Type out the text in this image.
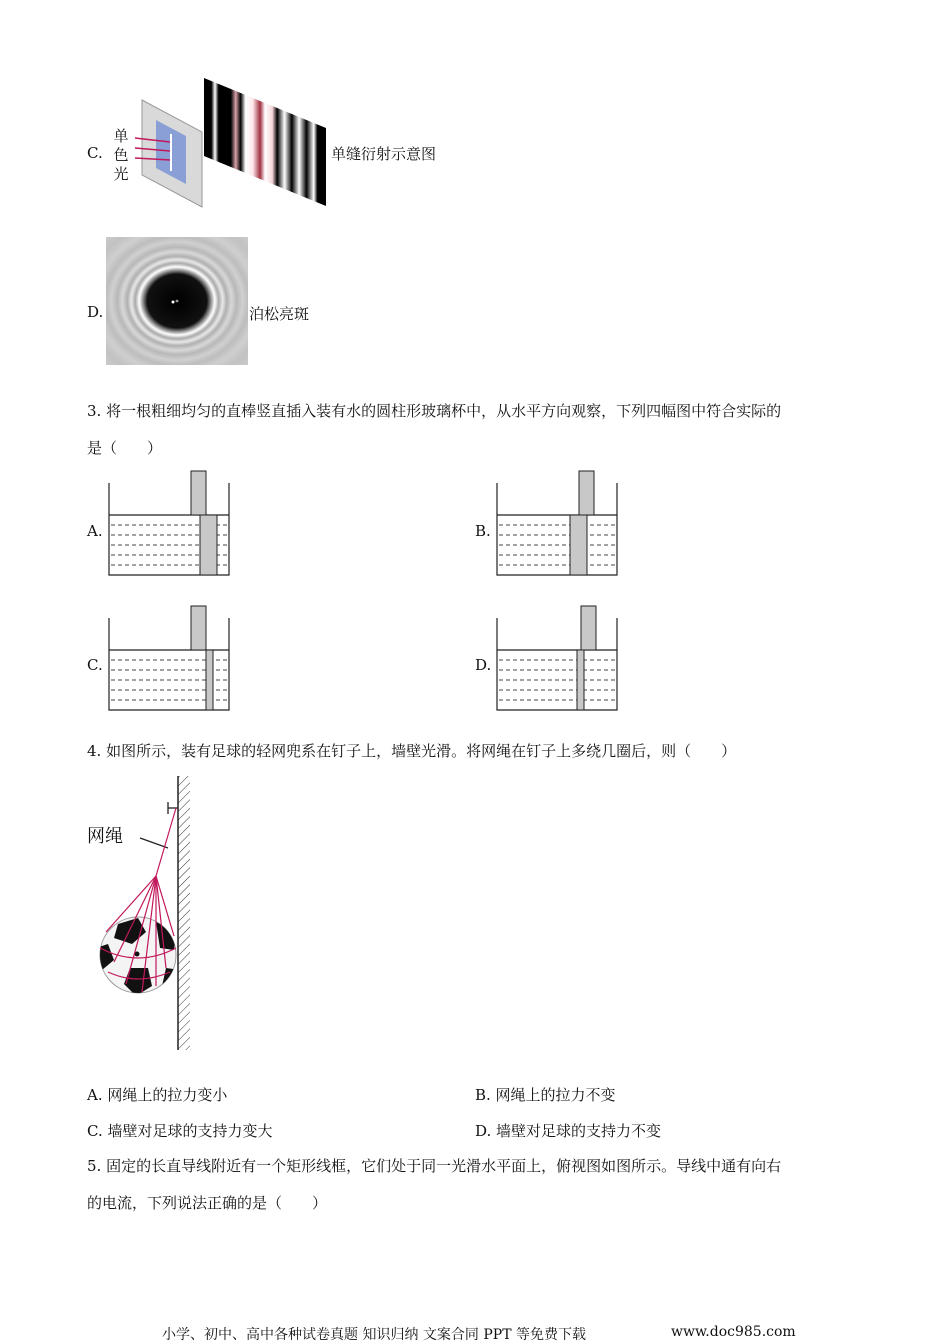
C.
单
色
光
单缝衍射示意图
D.	泊松亮斑
3. 将一根粗细均匀的直棒竖直插入装有水的圆柱形玻璃杯中，从水平方向观察，下列四幅图中符合实际的
是（　　）
A.	B.
C.	D.
4. 如图所示，装有足球的轻网兜系在钉子上，墙壁光滑。将网绳在钉子上多绕几圈后，则（　　）
网绳
A. 网绳上的拉力变小	B. 网绳上的拉力不变
C. 墙壁对足球的支持力变大	D. 墙壁对足球的支持力不变
5. 固定的长直导线附近有一个矩形线框，它们处于同一光滑水平面上，俯视图如图所示。导线中通有向右
的电流，下列说法正确的是（　　）
小学、初中、高中各种试卷真题 知识归纳 文案合同 PPT 等免费下载	www.doc985.com
